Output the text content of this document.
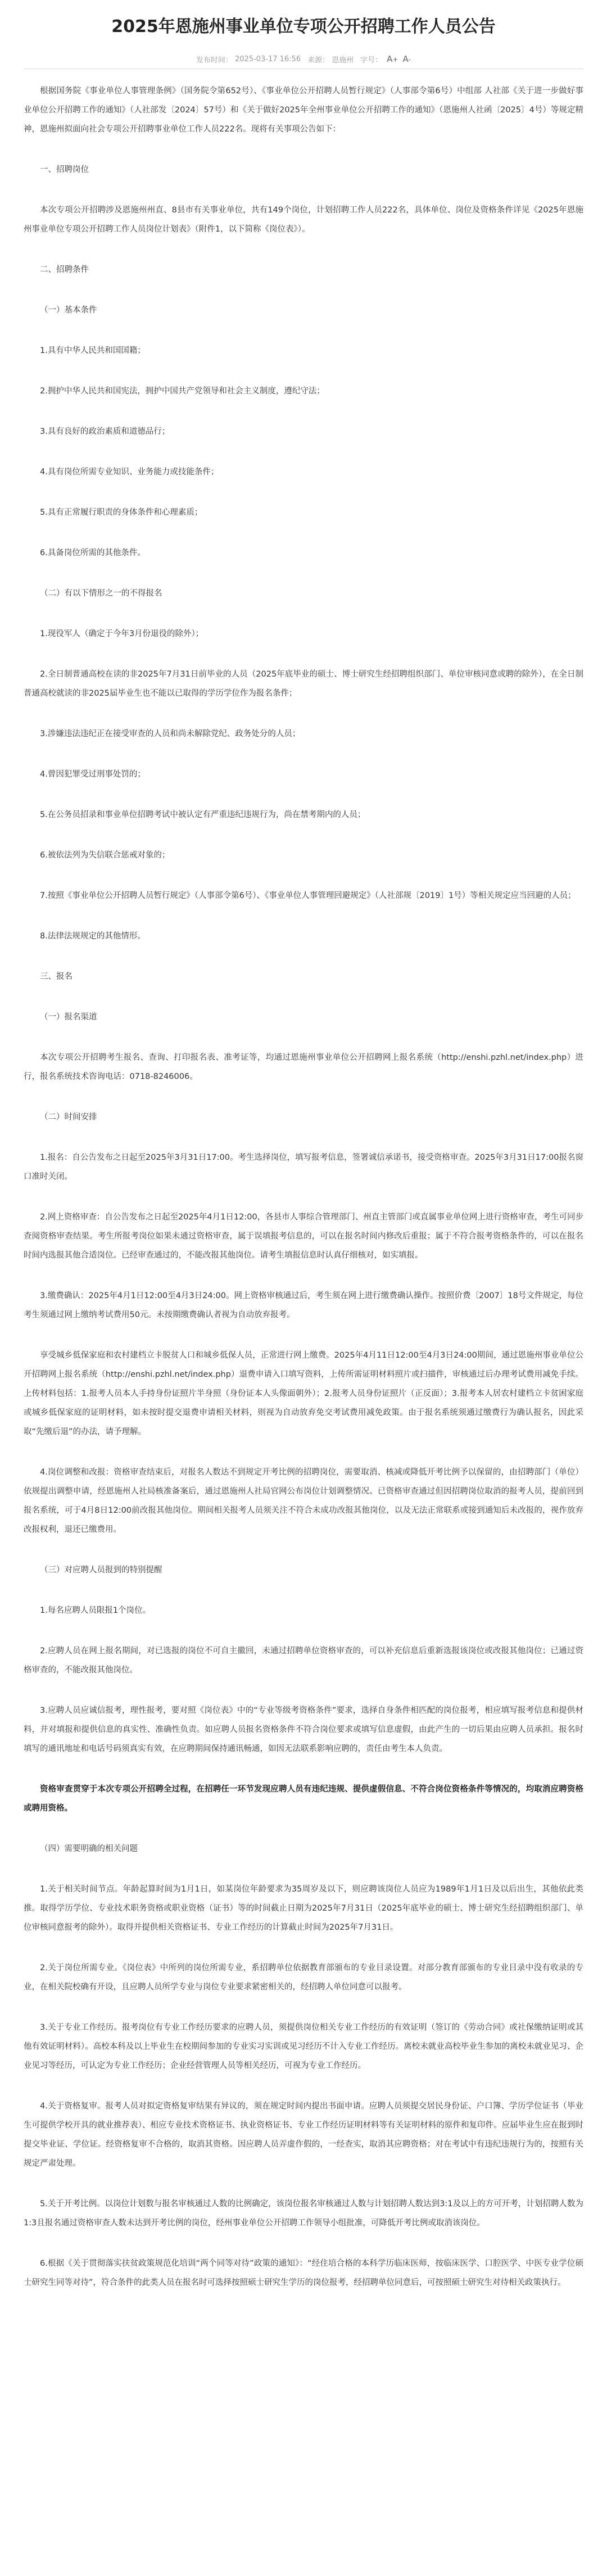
2025年恩施州事业单位专项公开招聘工作人员公告
发布时间： 2025-03-17 16:56 来源： 恩施州 字号： A+ A-

根据国务院《事业单位人事管理条例》（国务院令第652号）、《事业单位公开招聘人员暂行规定》（人事部令第6号）中组部 人社部《关于进一步做好事业单位公开招聘工作的通知》（人社部发〔2024〕57号）和《关于做好2025年全州事业单位公开招聘工作的通知》（恩施州人社函〔2025〕4号）等规定精神，恩施州拟面向社会专项公开招聘事业单位工作人员222名。现将有关事项公告如下：

一、招聘岗位

本次专项公开招聘涉及恩施州州直、8县市有关事业单位，共有149个岗位，计划招聘工作人员222名，具体单位、岗位及资格条件详见《2025年恩施州事业单位专项公开招聘工作人员岗位计划表》（附件1，以下简称《岗位表》）。

二、招聘条件

（一）基本条件

1.具有中华人民共和国国籍；

2.拥护中华人民共和国宪法，拥护中国共产党领导和社会主义制度，遵纪守法；

3.具有良好的政治素质和道德品行；

4.具有岗位所需专业知识、业务能力或技能条件；

5.具有正常履行职责的身体条件和心理素质；

6.具备岗位所需的其他条件。

（二）有以下情形之一的不得报名

1.现役军人（确定于今年3月份退役的除外）；

2.全日制普通高校在读的非2025年7月31日前毕业的人员（2025年底毕业的硕士、博士研究生经招聘组织部门、单位审核同意或聘的除外），在全日制普通高校就读的非2025届毕业生也不能以已取得的学历学位作为报名条件；

3.涉嫌违法违纪正在接受审查的人员和尚未解除党纪、政务处分的人员；

4.曾因犯罪受过刑事处罚的；

5.在公务员招录和事业单位招聘考试中被认定有严重违纪违规行为，尚在禁考期内的人员；

6.被依法列为失信联合惩戒对象的；

7.按照《事业单位公开招聘人员暂行规定》（人事部令第6号）、《事业单位人事管理回避规定》（人社部规〔2019〕1号）等相关规定应当回避的人员；

8.法律法规规定的其他情形。

三、报名

（一）报名渠道

本次专项公开招聘考生报名、查询、打印报名表、准考证等，均通过恩施州事业单位公开招聘网上报名系统（http://enshi.pzhl.net/index.php）进行，报名系统技术咨询电话：0718-8246006。

（二）时间安排

1.报名：自公告发布之日起至2025年3月31日17:00。考生选择岗位，填写报考信息，签署诚信承诺书，接受资格审查。2025年3月31日17:00报名窗口准时关闭。

2.网上资格审查：自公告发布之日起至2025年4月1日12:00，各县市人事综合管理部门、州直主管部门或直属事业单位网上进行资格审查，考生可同步查阅资格审查结果。考生所报考岗位如果未通过资格审查，属于误填报考信息的，可以在报名时间内修改后重报；属于不符合报考资格条件的，可以在报名时间内选报其他合适岗位。已经审查通过的，不能改报其他岗位。请考生填报信息时认真仔细核对，如实填报。

3.缴费确认：2025年4月1日12:00至4月3日24:00。网上资格审核通过后，考生须在网上进行缴费确认操作。按照价费〔2007〕18号文件规定，每位考生须通过网上缴纳考试费用50元。未按期缴费确认者视为自动放弃报考。

享受城乡低保家庭和农村建档立卡脱贫人口和城乡低保人员，正常进行网上缴费。2025年4月11日12:00至4月3日24:00期间，通过恩施州事业单位公开招聘网上报名系统（http://enshi.pzhl.net/index.php）退费申请入口填写资料，上传所需证明材料照片或扫描件，审核通过后办理考试费用减免手续。上传材料包括：1.报考人员本人手持身份证照片半身照（身份证本人头像面朝外）；2.报考人员身份证照片（正反面）；3.报考本人居农村建档立卡贫困家庭或城乡低保家庭的证明材料，如未按时提交退费申请相关材料，则视为自动放弃免交考试费用减免政策。由于报名系统须通过缴费行为确认报名，因此采取“先缴后退”的办法，请予理解。

4.岗位调整和改报：资格审查结束后，对报名人数达不到规定开考比例的招聘岗位，需要取消、核减或降低开考比例予以保留的，由招聘部门（单位）依规提出调整申请，经恩施州人社局核准备案后，通过恩施州人社局官网公布岗位计划调整情况。已资格审查通过但因招聘岗位取消的报考人员，提前回到报名系统，可于4月8日12:00前改报其他岗位。期间相关报考人员须关注不符合未成功改报其他岗位，以及无法正常联系或接到通知后未改报的，视作放弃改报权利，退还已缴费用。

（三）对应聘人员报到的特别提醒

1.每名应聘人员限报1个岗位。

2.应聘人员在网上报名期间，对已选报的岗位不可自主撤回，未通过招聘单位资格审查的，可以补充信息后重新选报该岗位或改报其他岗位；已通过资格审查的，不能改报其他岗位。

3.应聘人员应诚信报考，理性报考，要对照《岗位表》中的“专业等级考资格条件”要求，选择自身条件相匹配的岗位报考，相应填写报考信息和提供材料，并对填报和提供信息的真实性、准确性负责。如应聘人员报名资格条件不符合岗位要求或填写信息虚假，由此产生的一切后果由应聘人员承担。报名时填写的通讯地址和电话号码须真实有效，在应聘期间保持通讯畅通，如因无法联系影响应聘的，责任由考生本人负责。

资格审查贯穿于本次专项公开招聘全过程，在招聘任一环节发现应聘人员有违纪违规、提供虚假信息、不符合岗位资格条件等情况的，均取消应聘资格或聘用资格。

（四）需要明确的相关问题

1.关于相关时间节点。年龄起算时间为1月1日，如某岗位年龄要求为35周岁及以下，则应聘该岗位人员应为1989年1月1日及以后出生，其他依此类推。取得学历学位、专业技术职务资格或职业资格（证书）等的时间截止日期为2025年7月31日（2025年底毕业的硕士、博士研究生经招聘组织部门、单位审核同意报考的除外）。取得并提供相关资格证书、专业工作经历的计算截止时间为2025年7月31日。

2.关于岗位所需专业。《岗位表》中所列的岗位所需专业，系招聘单位依据教育部颁布的专业目录设置。对部分教育部颁布的专业目录中没有收录的专业，在相关院校确有开设，且应聘人员所学专业与岗位专业要求紧密相关的，经招聘人单位同意可以报考。

3.关于专业工作经历。报考岗位有专业工作经历要求的应聘人员，须提供岗位相关专业工作经历的有效证明（签订的《劳动合同》或社保缴纳证明或其他有效证明材料）。高校本科及以上毕业生在校期间参加的专业实习实训或见习经历不计入专业工作经历。离校未就业高校毕业生参加的离校未就业见习、企业见习等经历，可认定为专业工作经历；企业经营管理人员等相关经历，可视为专业工作经历。

4.关于资格复审。报考人员对拟定资格复审结果有异议的，须在规定时间内提出书面申请。应聘人员须提交居民身份证、户口簿、学历学位证书（毕业生可提供学校开具的就业推荐表）、相应专业技术资格证书、执业资格证书、专业工作经历证明材料等有关证明材料的原件和复印件。应届毕业生应在报到时提交毕业证、学位证。经资格复审不合格的，取消其资格。因应聘人员弄虚作假的，一经查实，取消其应聘资格；对在考试中有违纪违规行为的，按照有关规定严肃处理。

5.关于开考比例。以岗位计划数与报名审核通过人数的比例确定，该岗位报名审核通过人数与计划招聘人数达到3:1及以上的方可开考，计划招聘人数为1:3且报名通过资格审查人数未达到开考比例的岗位，经州事业单位公开招聘工作领导小组批准，可降低开考比例或取消该岗位。

6.根据《关于贯彻落实扶贫政策规范化培训“两个同等对待”政策的通知》：“经住培合格的本科学历临床医师，按临床医学、口腔医学、中医专业学位硕士研究生同等对待”，符合条件的此类人员在报名时可选择按照硕士研究生学历的岗位报考，经招聘单位同意后，可按照硕士研究生对待相关政策执行。
